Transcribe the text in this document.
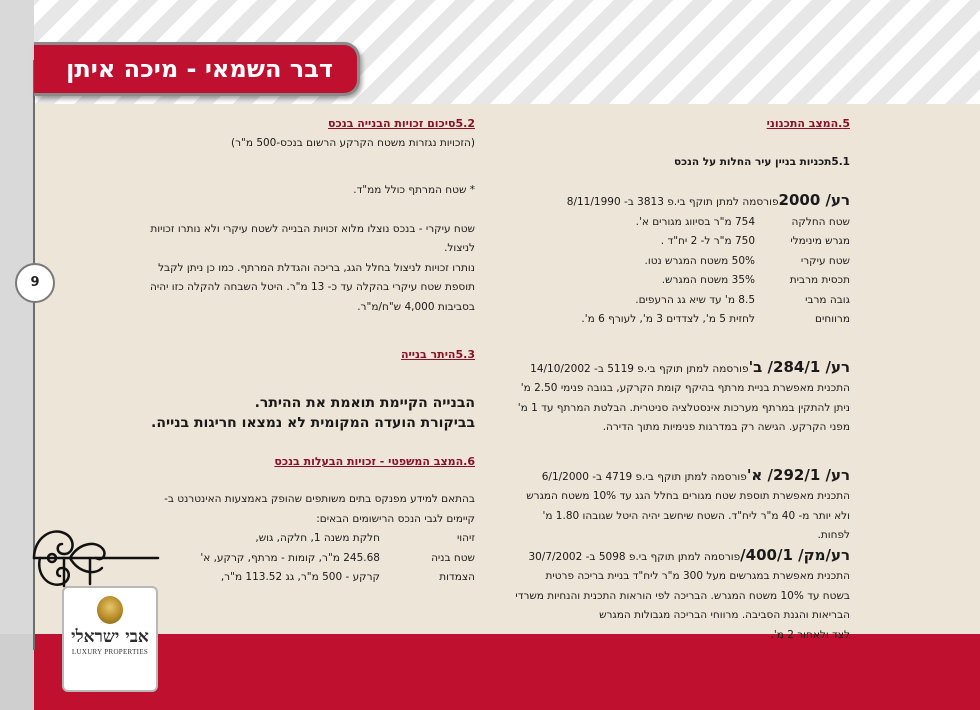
דבר השמאי - מיכה איתן
9
5.המצב התכנוני
5.1תכניות בניין עיר החלות על הנכס
רע/ 2000פורסמה למתן תוקף בי.פ 3813 ב- 8/11/1990
שטח החלקה
754 מ"ר בסיווג מגורים א'.
מגרש מינימלי
750 מ"ר ל- 2 יח"ד .
שטח עיקרי
50% משטח המגרש נטו.
תכסית מרבית
35% משטח המגרש.
גובה מרבי
8.5 מ' עד שיא גג הרעפים.
מרווחים
לחזית 5 מ', לצדדים 3 מ', לעורף 6 מ'.
רע/ 284/1/ ב'פורסמה למתן תוקף בי.פ 5119 ב- 14/10/2002
התכנית מאפשרת בניית מרתף בהיקף קומת הקרקע, בגובה פנימי 2.50 מ'
ניתן להתקין במרתף מערכות אינסטלציה סניטרית. הבלטת המרתף עד 1 מ'
מפני הקרקע. הגישה רק במדרגות פנימיות מתוך הדירה.
רע/ 292/1/ א'פורסמה למתן תוקף בי.פ 4719 ב- 6/1/2000
התכנית מאפשרת תוספת שטח מגורים בחלל הגג עד 10% משטח המגרש
ולא יותר מ- 40 מ"ר ליח"ד. השטח שיחשב יהיה היטל שגובהו 1.80 מ' לפחות.
רע/מק/ 400/1/פורסמה למתן תוקף בי.פ 5098 ב- 30/7/2002
התכנית מאפשרת במגרשים מעל 300 מ"ר ליח"ד בניית בריכה פרטית
בשטח עד 10% משטח המגרש. הבריכה לפי הוראות התכנית והנחיות משרדי
הבריאות והגנת הסביבה. מרווחי הבריכה מגבולות המגרש
לצד ולאחור 2 מ'.
5.2סיכום זכויות הבנייה בנכס
(הזכויות נגזרות משטח הקרקע הרשום בנכס-500 מ"ר)
* שטח המרתף כולל ממ"ד.
שטח עיקרי - בנכס נוצלו מלוא זכויות הבנייה לשטח עיקרי ולא נותרו זכויות
לניצול.
נותרו זכויות לניצול בחלל הגג, בריכה והגדלת המרתף. כמו כן ניתן לקבל
תוספת שטח עיקרי בהקלה עד כ- 13 מ"ר. היטל השבחה להקלה כזו יהיה
בסביבות 4,000 ש"ח/מ"ר.
5.3היתר בנייה
הבנייה הקיימת תואמת את ההיתר.
בביקורת הועדה המקומית לא נמצאו חריגות בנייה.
6.המצב המשפטי - זכויות הבעלות בנכס
בהתאם למידע מפנקס בתים משותפים שהופק באמצעות האינטרנט ב-
קיימים לגבי הנכס הרישומים הבאים:
זיהוי
חלקת משנה 1, חלקה, גוש,
שטח בניה
245.68 מ"ר, קומות - מרתף, קרקע, א'
הצמדות
קרקע - 500 מ"ר, גג 113.52 מ"ר,
אבי ישראלי
LUXURY PROPERTIES
